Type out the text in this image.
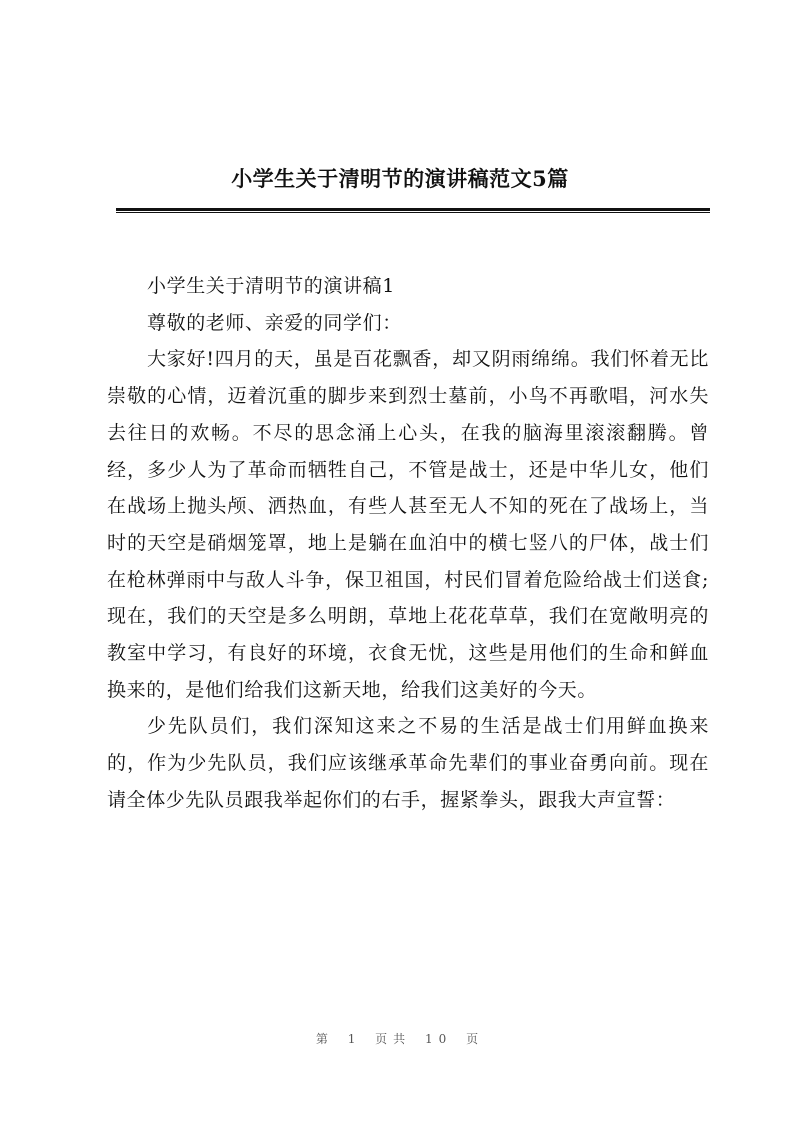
小学生关于清明节的演讲稿范文5篇

小学生关于清明节的演讲稿1

尊敬的老师、亲爱的同学们：

大家好!四月的天，虽是百花飘香，却又阴雨绵绵。我们怀着无比崇敬的心情，迈着沉重的脚步来到烈士墓前，小鸟不再歌唱，河水失去往日的欢畅。不尽的思念涌上心头，在我的脑海里滚滚翻腾。曾经，多少人为了革命而牺牲自己，不管是战士，还是中华儿女，他们在战场上抛头颅、洒热血，有些人甚至无人不知的死在了战场上，当时的天空是硝烟笼罩，地上是躺在血泊中的横七竖八的尸体，战士们在枪林弹雨中与敌人斗争，保卫祖国，村民们冒着危险给战士们送食;现在，我们的天空是多么明朗，草地上花花草草，我们在宽敞明亮的教室中学习，有良好的环境，衣食无忧，这些是用他们的生命和鲜血换来的，是他们给我们这新天地，给我们这美好的今天。

少先队员们，我们深知这来之不易的生活是战士们用鲜血换来的，作为少先队员，我们应该继承革命先辈们的事业奋勇向前。现在请全体少先队员跟我举起你们的右手，握紧拳头，跟我大声宣誓：

第 1 页共 10 页
